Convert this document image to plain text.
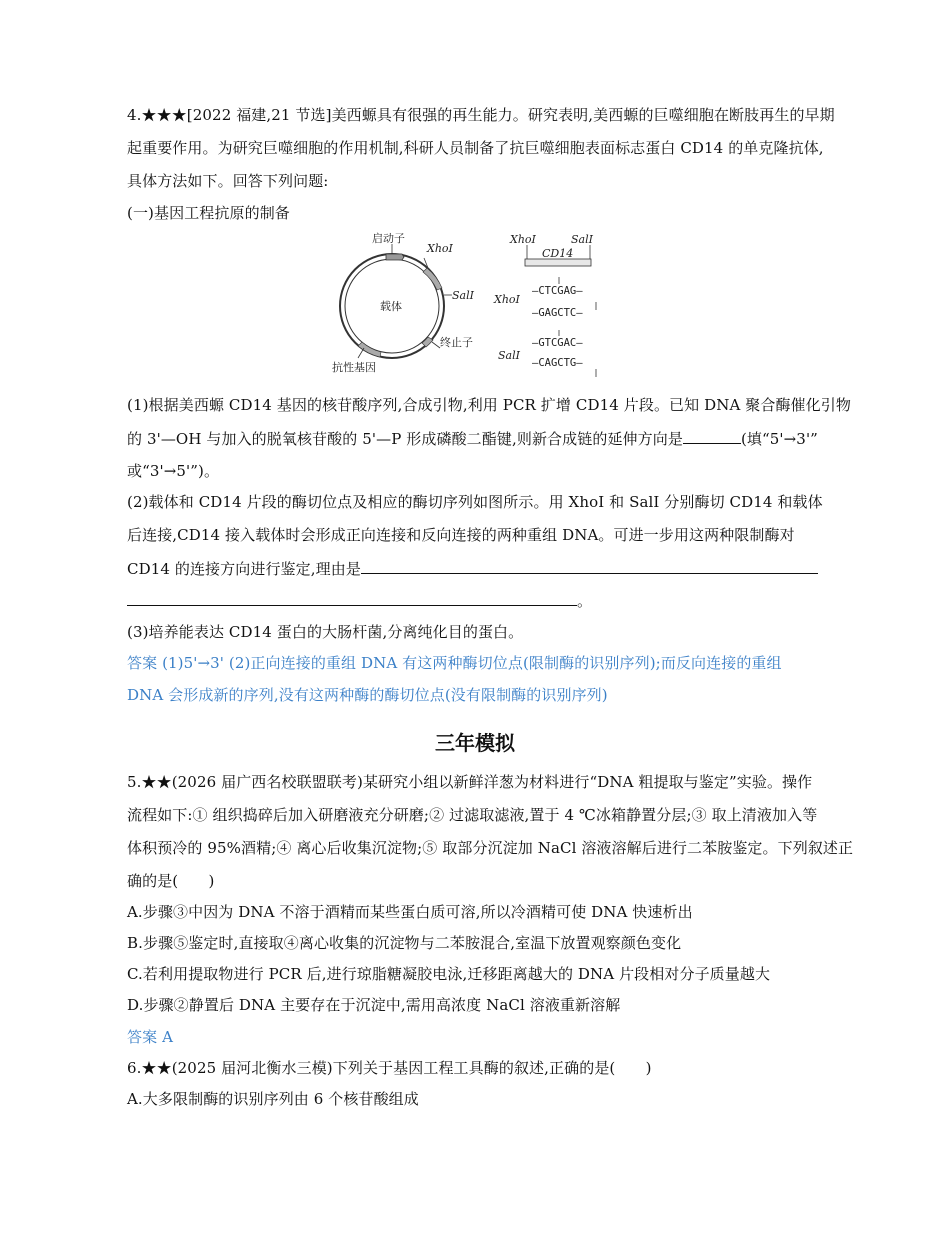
4.★★★[2022 福建,21 节选]美西螈具有很强的再生能力。研究表明,美西螈的巨噬细胞在断肢再生的早期
起重要作用。为研究巨噬细胞的作用机制,科研人员制备了抗巨噬细胞表面标志蛋白 CD14 的单克隆抗体,
具体方法如下。回答下列问题:
(一)基因工程抗原的制备
启动子
XhoⅠ
SalⅠ
载体
终止子
抗性基因
XhoⅠ	SalⅠ
CD14
XhoⅠ
—CTCGAG—
—GAGCTC—
SalⅠ
—GTCGAC—
—CAGCTG—
(1)根据美西螈 CD14 基因的核苷酸序列,合成引物,利用 PCR 扩增 CD14 片段。已知 DNA 聚合酶催化引物
的 3'—OH 与加入的脱氧核苷酸的 5'—P 形成磷酸二酯键,则新合成链的延伸方向是	(填“5'→3'”
或“3'→5'”)。
(2)载体和 CD14 片段的酶切位点及相应的酶切序列如图所示。用 XhoⅠ 和 SalⅠ 分别酶切 CD14 和载体
后连接,CD14 接入载体时会形成正向连接和反向连接的两种重组 DNA。可进一步用这两种限制酶对
CD14 的连接方向进行鉴定,理由是
。
(3)培养能表达 CD14 蛋白的大肠杆菌,分离纯化目的蛋白。
答案 (1)5'→3' (2)正向连接的重组 DNA 有这两种酶切位点(限制酶的识别序列);而反向连接的重组
DNA 会形成新的序列,没有这两种酶的酶切位点(没有限制酶的识别序列)
三年模拟
5.★★(2026 届广西名校联盟联考)某研究小组以新鲜洋葱为材料进行“DNA 粗提取与鉴定”实验。操作
流程如下:① 组织捣碎后加入研磨液充分研磨;② 过滤取滤液,置于 4 ℃冰箱静置分层;③ 取上清液加入等
体积预冷的 95%酒精;④ 离心后收集沉淀物;⑤ 取部分沉淀加 NaCl 溶液溶解后进行二苯胺鉴定。下列叙述正
确的是(　　)
A.步骤③中因为 DNA 不溶于酒精而某些蛋白质可溶,所以冷酒精可使 DNA 快速析出
B.步骤⑤鉴定时,直接取④离心收集的沉淀物与二苯胺混合,室温下放置观察颜色变化
C.若利用提取物进行 PCR 后,进行琼脂糖凝胶电泳,迁移距离越大的 DNA 片段相对分子质量越大
D.步骤②静置后 DNA 主要存在于沉淀中,需用高浓度 NaCl 溶液重新溶解
答案 A
6.★★(2025 届河北衡水三模)下列关于基因工程工具酶的叙述,正确的是(　　)
A.大多限制酶的识别序列由 6 个核苷酸组成
